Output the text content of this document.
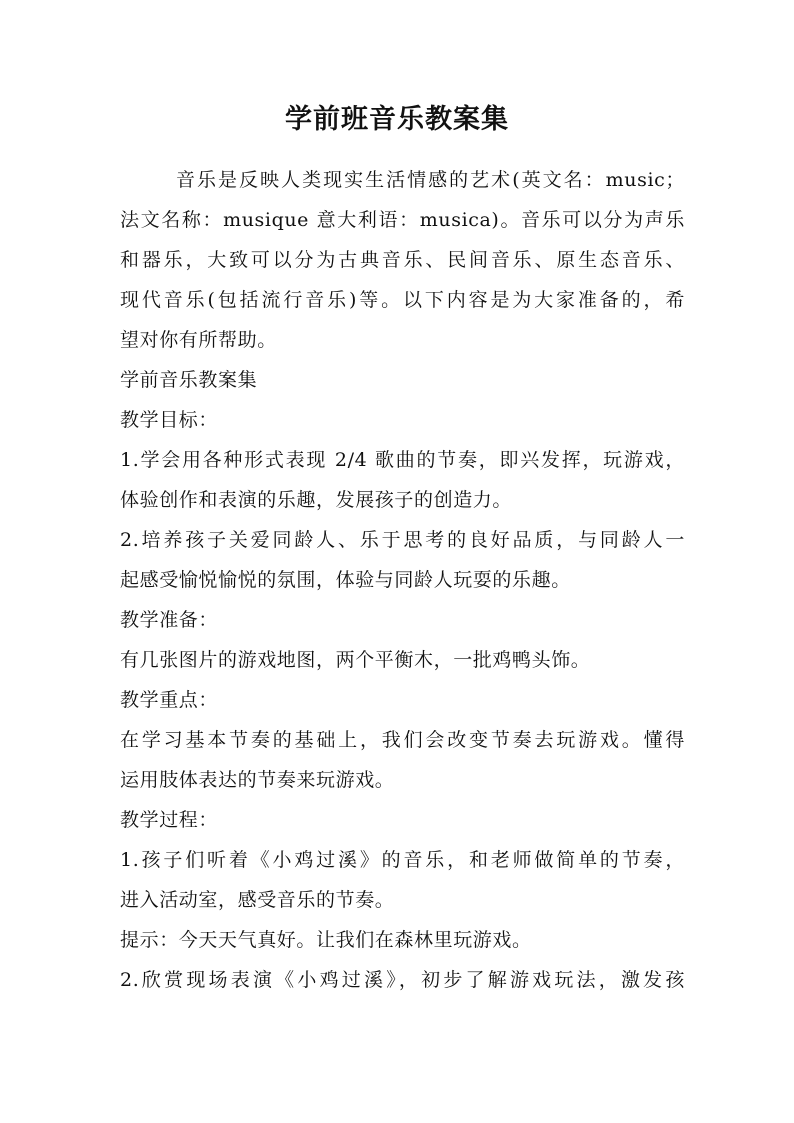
学前班音乐教案集
音乐是反映人类现实生活情感的艺术(英文名：music；
法文名称：musique 意大利语：musica)。音乐可以分为声乐
和器乐，大致可以分为古典音乐、民间音乐、原生态音乐、
现代音乐(包括流行音乐)等。以下内容是为大家准备的，希
望对你有所帮助。
学前音乐教案集
教学目标：
1.学会用各种形式表现 2/4 歌曲的节奏，即兴发挥，玩游戏，
体验创作和表演的乐趣，发展孩子的创造力。
2.培养孩子关爱同龄人、乐于思考的良好品质，与同龄人一
起感受愉悦愉悦的氛围，体验与同龄人玩耍的乐趣。
教学准备：
有几张图片的游戏地图，两个平衡木，一批鸡鸭头饰。
教学重点：
在学习基本节奏的基础上，我们会改变节奏去玩游戏。懂得
运用肢体表达的节奏来玩游戏。
教学过程：
1.孩子们听着《小鸡过溪》的音乐，和老师做简单的节奏，
进入活动室，感受音乐的节奏。
提示：今天天气真好。让我们在森林里玩游戏。
2.欣赏现场表演《小鸡过溪》，初步了解游戏玩法，激发孩
